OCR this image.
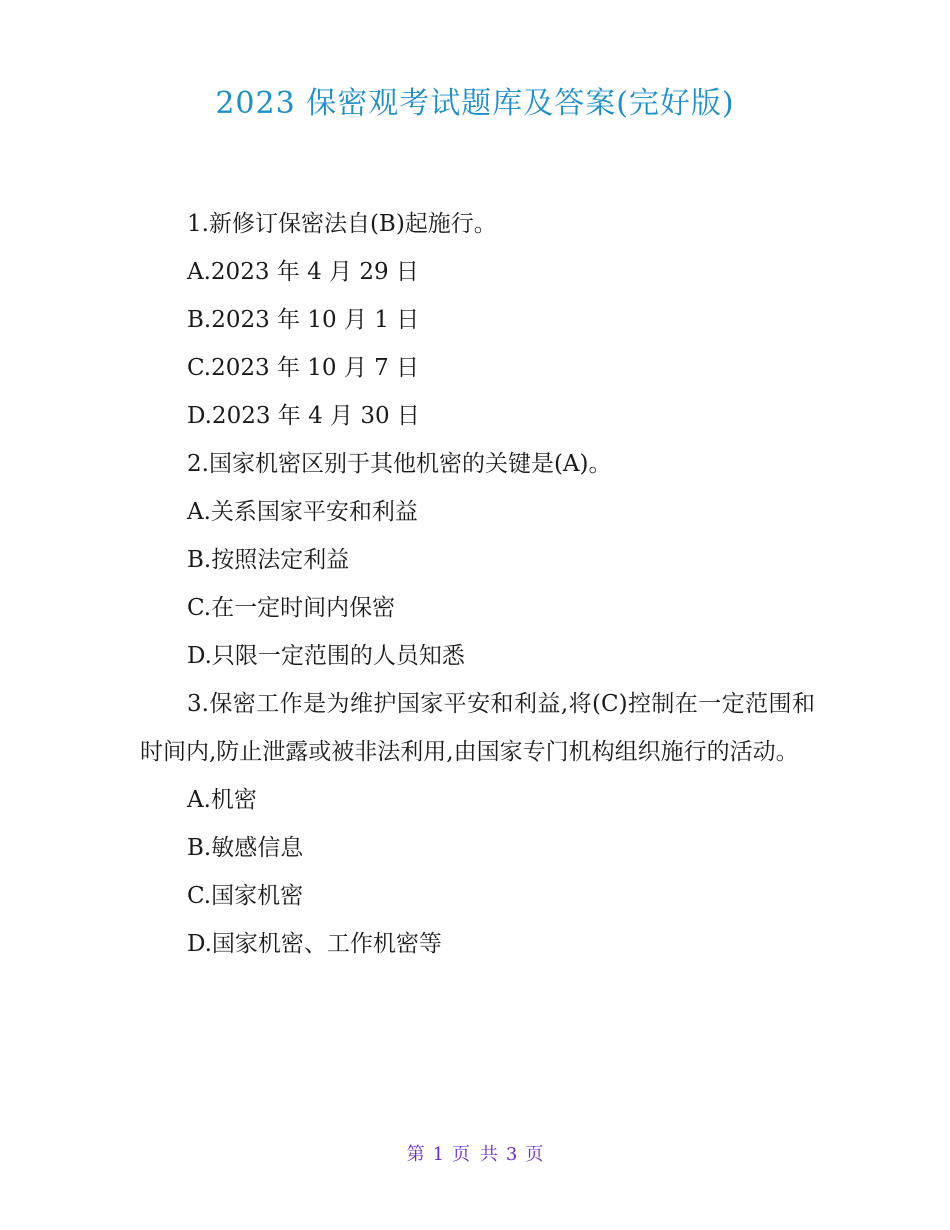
2023 保密观考试题库及答案(完好版)
1.新修订保密法自(B)起施行。
A.2023 年 4 月 29 日
B.2023 年 10 月 1 日
C.2023 年 10 月 7 日
D.2023 年 4 月 30 日
2.国家机密区别于其他机密的关键是(A)。
A.关系国家平安和利益
B.按照法定利益
C.在一定时间内保密
D.只限一定范围的人员知悉
3.保密工作是为维护国家平安和利益,将(C)控制在一定范围和时间内,防止泄露或被非法利用,由国家专门机构组织施行的活动。
A.机密
B.敏感信息
C.国家机密
D.国家机密、工作机密等
第 1 页 共 3 页
